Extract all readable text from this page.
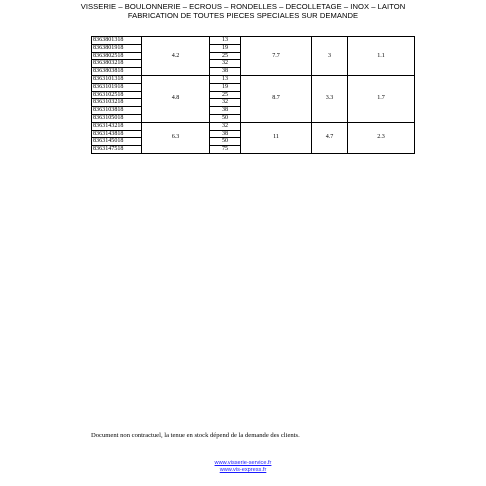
VISSERIE – BOULONNERIE – ECROUS – RONDELLES – DECOLLETAGE – INOX – LAITON
FABRICATION DE TOUTES PIECES SPECIALES SUR DEMANDE
8363801318	4.2	13	7.7	3	1.1
8363801918		19			
8363802518		25			
8363803218		32			
8363803818		38			
8363101318	4.8	13	8.7	3.3	1.7
8363101918		19			
8363102518		25			
8363103218		32			
8363103818		38			
8363105018		50			
8363143218	6.3	32	11	4.7	2.3
8363143818		38			
8363145018		50			
8363147518		75			
Document non contractuel, la tenue en stock dépend de la demande des clients.
www.visserie-service.fr
www.vis-express.fr
